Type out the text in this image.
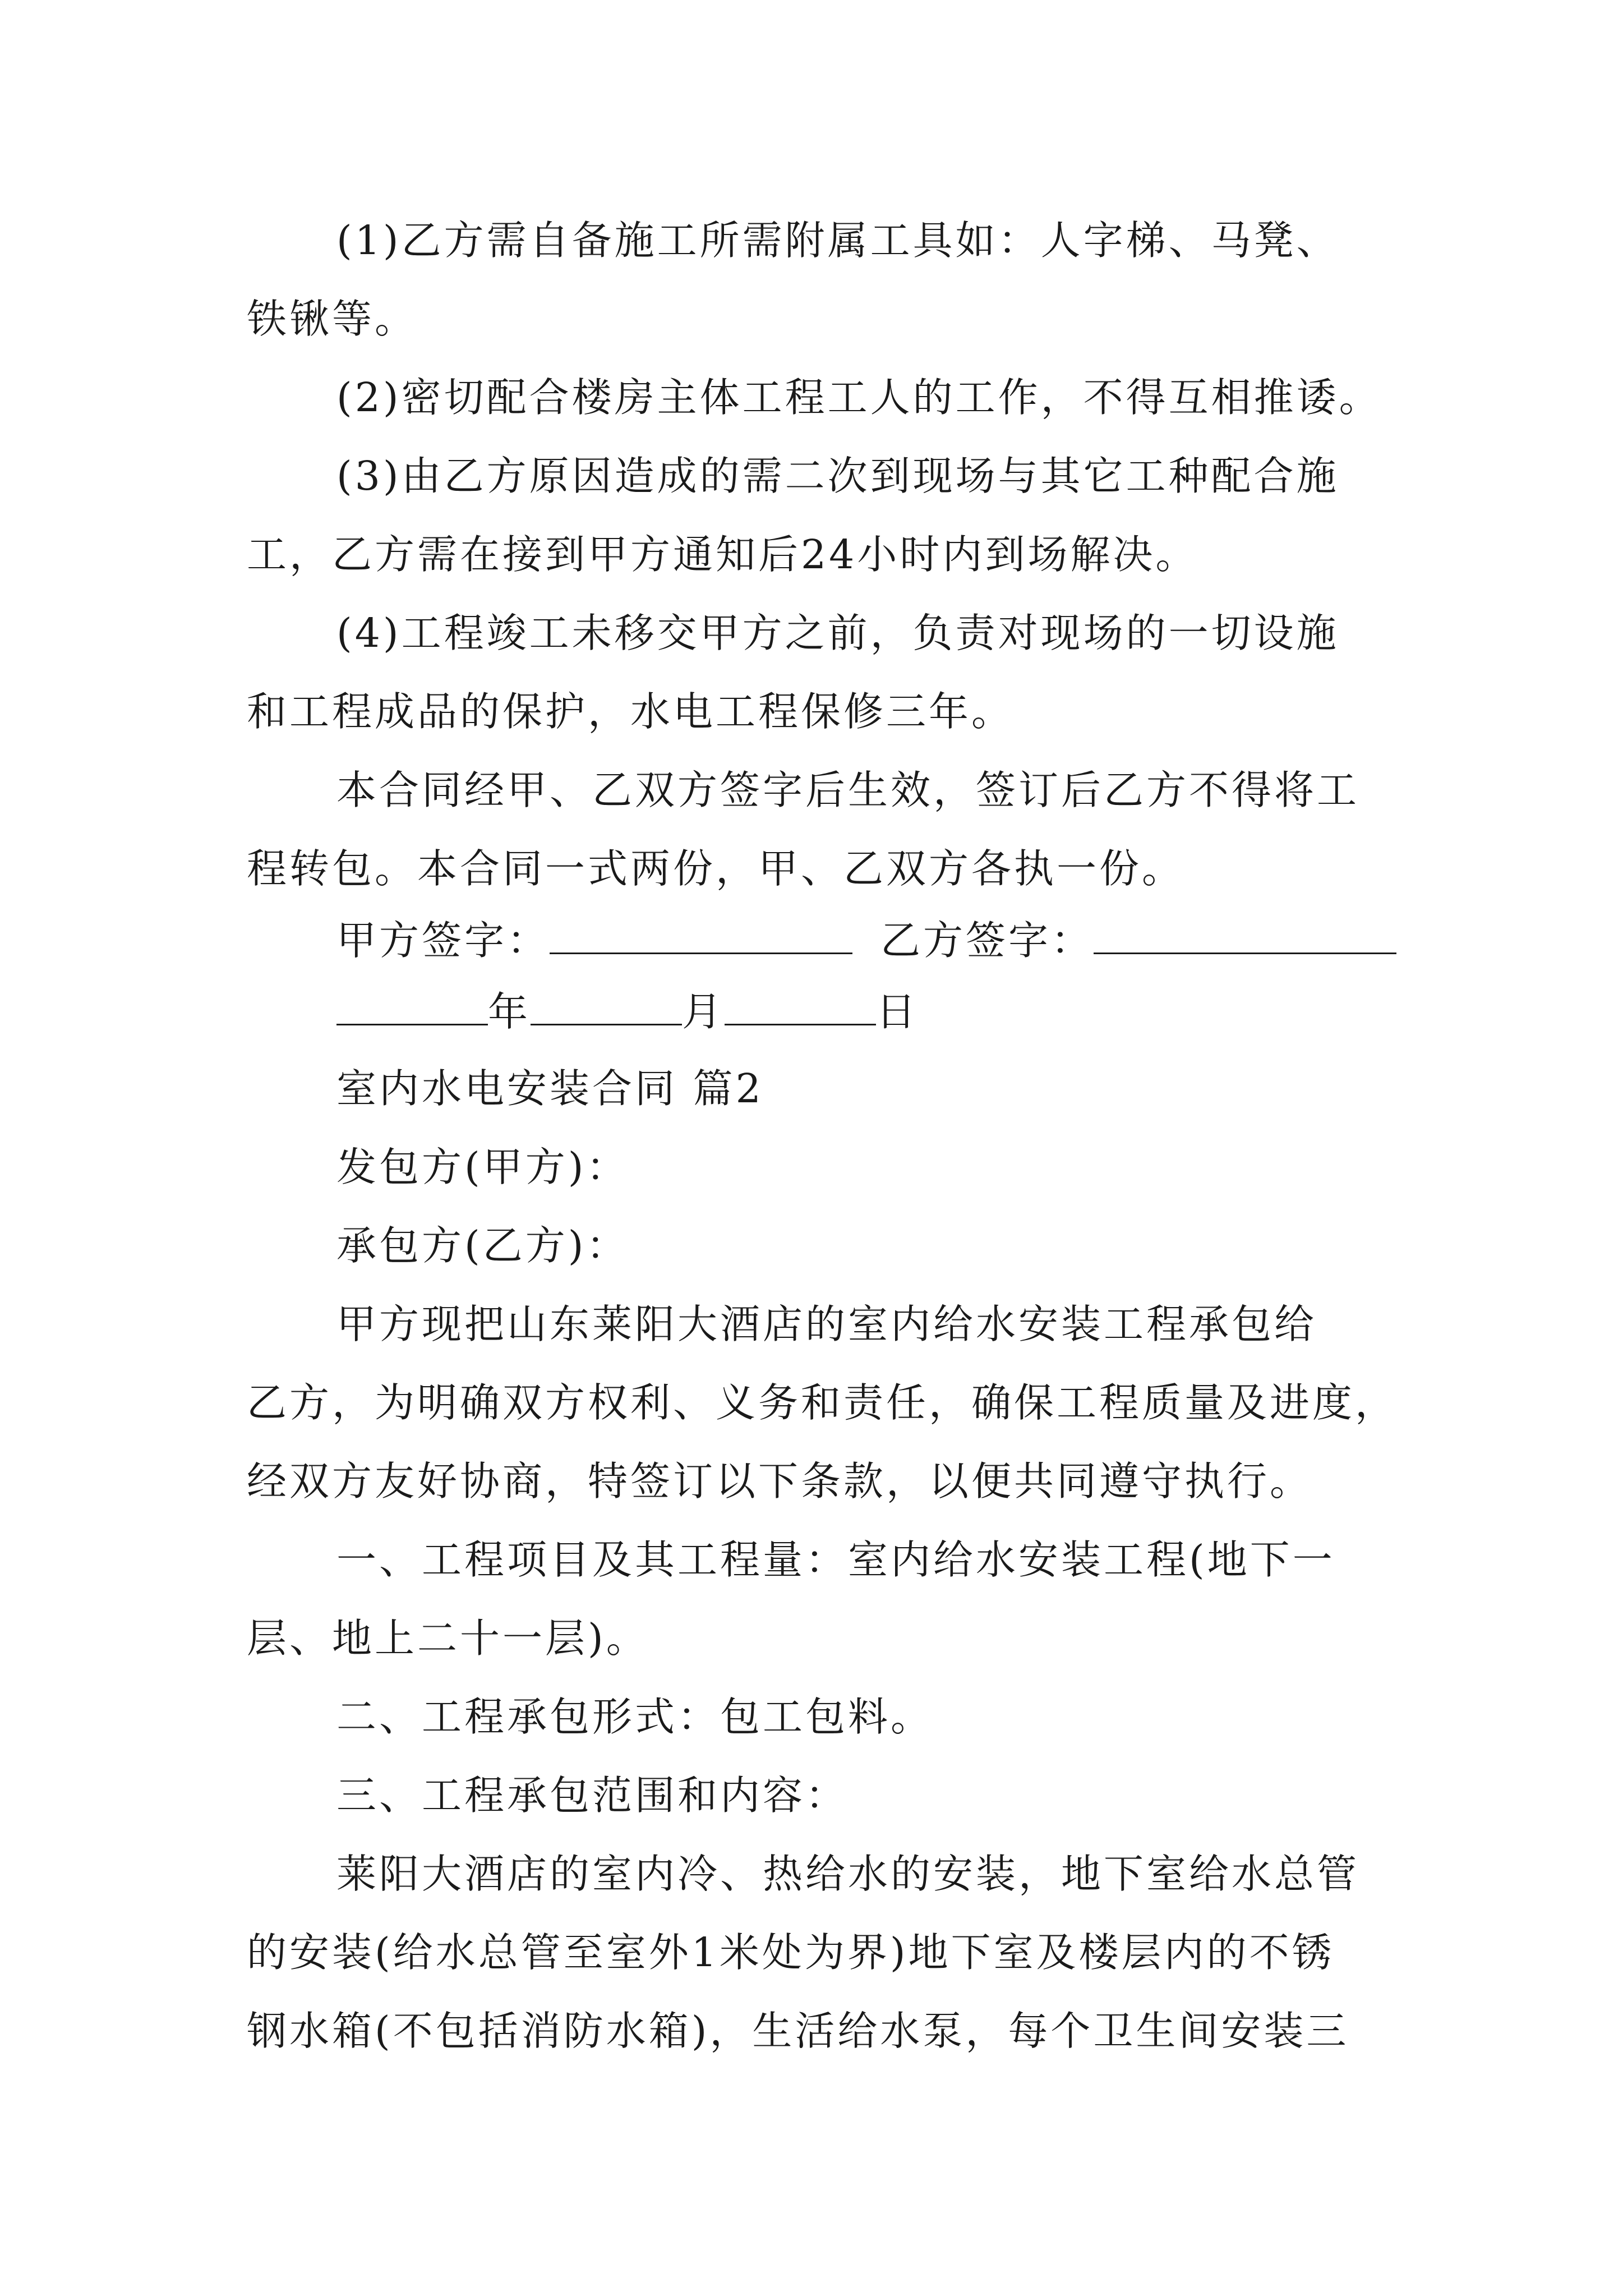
(1)乙方需自备施工所需附属工具如：人字梯、马凳、
铁锹等。
(2)密切配合楼房主体工程工人的工作，不得互相推诿。
(3)由乙方原因造成的需二次到现场与其它工种配合施
工，乙方需在接到甲方通知后24小时内到场解决。
(4)工程竣工未移交甲方之前，负责对现场的一切设施
和工程成品的保护，水电工程保修三年。
本合同经甲、乙双方签字后生效，签订后乙方不得将工
程转包。本合同一式两份，甲、乙双方各执一份。
甲方签字：	乙方签字：
年	月	日
室内水电安装合同 篇2
发包方(甲方)：
承包方(乙方)：
甲方现把山东莱阳大酒店的室内给水安装工程承包给
乙方，为明确双方权利、义务和责任，确保工程质量及进度，
经双方友好协商，特签订以下条款，以便共同遵守执行。
一、工程项目及其工程量：室内给水安装工程(地下一
层、地上二十一层)。
二、工程承包形式：包工包料。
三、工程承包范围和内容：
莱阳大酒店的室内冷、热给水的安装，地下室给水总管
的安装(给水总管至室外1米处为界)地下室及楼层内的不锈
钢水箱(不包括消防水箱)，生活给水泵，每个卫生间安装三
